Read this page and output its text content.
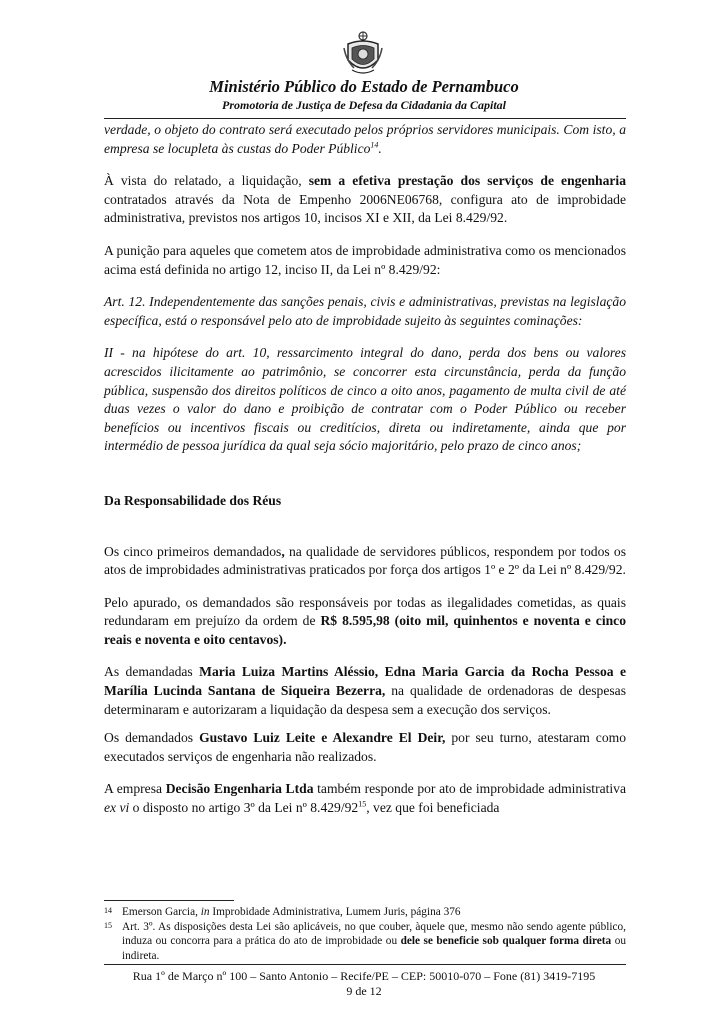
Ministério Público do Estado de Pernambuco
Promotoria de Justiça de Defesa da Cidadania da Capital

verdade, o objeto do contrato será executado pelos próprios servidores municipais. Com isto, a empresa se locupleta às custas do Poder Público$^{14}$.

À vista do relatado, a liquidação, sem a efetiva prestação dos serviços de engenharia contratados através da Nota de Empenho 2006NE06768, configura ato de improbidade administrativa, previstos nos artigos 10, incisos XI e XII, da Lei 8.429/92.

A punição para aqueles que cometem atos de improbidade administrativa como os mencionados acima está definida no artigo 12, inciso II, da Lei nº 8.429/92:

Art. 12. Independentemente das sanções penais, civis e administrativas, previstas na legislação específica, está o responsável pelo ato de improbidade sujeito às seguintes cominações:

II - na hipótese do art. 10, ressarcimento integral do dano, perda dos bens ou valores acrescidos ilicitamente ao patrimônio, se concorrer esta circunstância, perda da função pública, suspensão dos direitos políticos de cinco a oito anos, pagamento de multa civil de até duas vezes o valor do dano e proibição de contratar com o Poder Público ou receber benefícios ou incentivos fiscais ou creditícios, direta ou indiretamente, ainda que por intermédio de pessoa jurídica da qual seja sócio majoritário, pelo prazo de cinco anos;

Da Responsabilidade dos Réus

Os cinco primeiros demandados, na qualidade de servidores públicos, respondem por todos os atos de improbidades administrativas praticados por força dos artigos 1º e 2º da Lei nº 8.429/92.

Pelo apurado, os demandados são responsáveis por todas as ilegalidades cometidas, as quais redundaram em prejuízo da ordem de R$ 8.595,98 (oito mil, quinhentos e noventa e cinco reais e noventa e oito centavos).

As demandadas Maria Luiza Martins Aléssio, Edna Maria Garcia da Rocha Pessoa e Marília Lucinda Santana de Siqueira Bezerra, na qualidade de ordenadoras de despesas determinaram e autorizaram a liquidação da despesa sem a execução dos serviços.

Os demandados Gustavo Luiz Leite e Alexandre El Deir, por seu turno, atestaram como executados serviços de engenharia não realizados.

A empresa Decisão Engenharia Ltda também responde por ato de improbidade administrativa ex vi o disposto no artigo 3º da Lei nº $8.429/92^{15}$, vez que foi beneficiada

14 Emerson Garcia, in Improbidade Administrativa, Lumem Juris, página 376
15 Art. 3º. As disposições desta Lei são aplicáveis, no que couber, àquele que, mesmo não sendo agente público, induza ou concorra para a prática do ato de improbidade ou dele se beneficie sob qualquer forma direta ou indireta.
Rua 1º de Março nº 100 – Santo Antonio – Recife/PE – CEP: 50010-070 – Fone (81) 3419-7195
9 de 12
